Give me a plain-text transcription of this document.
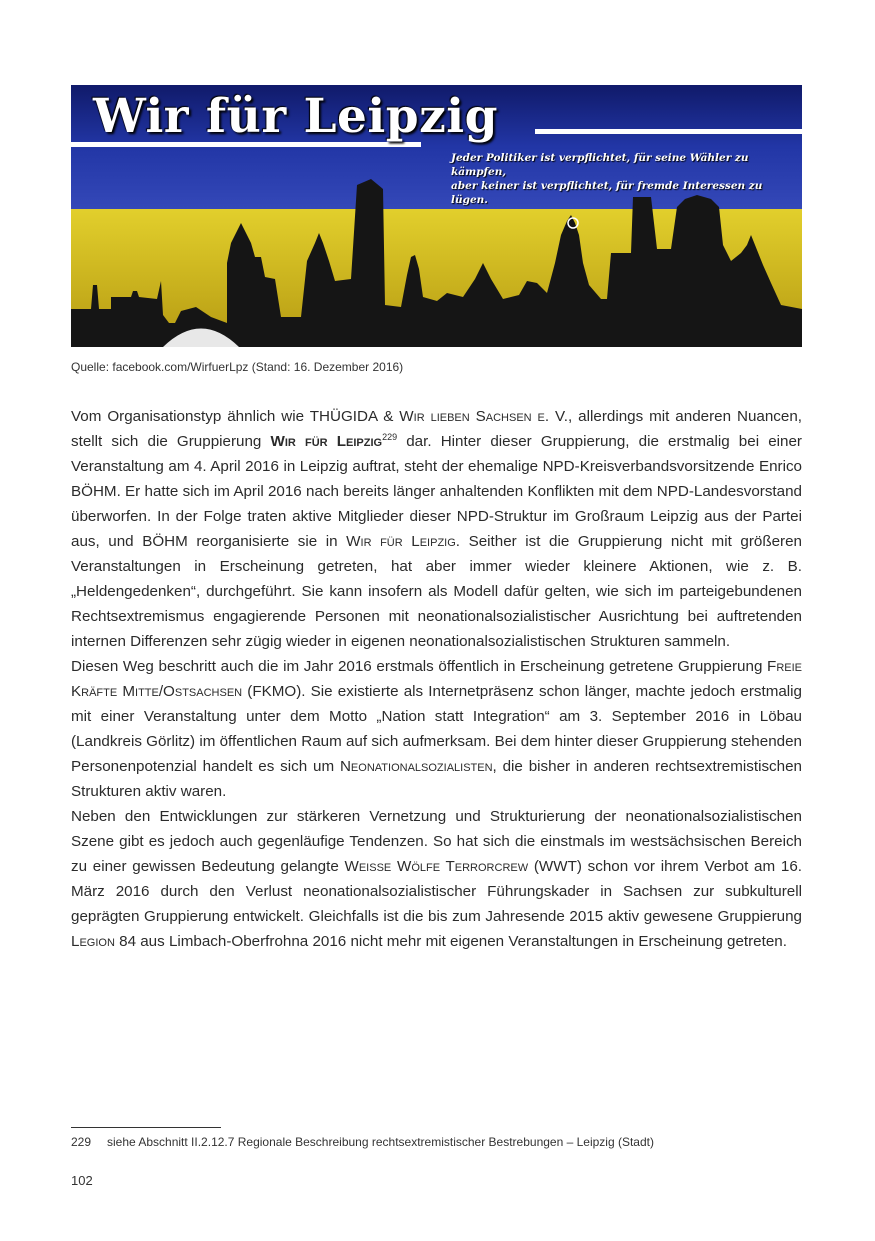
Wir für Leipzig
Jeder Politiker ist verpflichtet, für seine Wähler zu kämpfen,
aber keiner ist verpflichtet, für fremde Interessen zu lügen.
Quelle: facebook.com/WirfuerLpz (Stand: 16. Dezember 2016)

Vom Organisationstyp ähnlich wie THÜGIDA & Wir lieben Sachsen e. V., allerdings mit anderen Nuancen, stellt sich die Gruppierung Wir für Leipzig$^{229}$ dar. Hinter dieser Gruppierung, die erstmalig bei einer Veranstaltung am 4. April 2016 in Leipzig auftrat, steht der ehemalige NPD-Kreisverbandsvorsitzende Enrico BÖHM. Er hatte sich im April 2016 nach bereits länger anhaltenden Konflikten mit dem NPD-Landesvorstand überworfen. In der Folge traten aktive Mitglieder dieser NPD-Struktur im Großraum Leipzig aus der Partei aus, und BÖHM reorganisierte sie in Wir für Leipzig. Seither ist die Gruppierung nicht mit größeren Veranstaltungen in Erscheinung getreten, hat aber immer wieder kleinere Aktionen, wie z. B. „Heldengedenken“, durchgeführt. Sie kann insofern als Modell dafür gelten, wie sich im parteigebundenen Rechtsextremismus engagierende Personen mit neonationalsozialistischer Ausrichtung bei auftretenden internen Differenzen sehr zügig wieder in eigenen neonationalsozialistischen Strukturen sammeln.

Diesen Weg beschritt auch die im Jahr 2016 erstmals öffentlich in Erscheinung getretene Gruppierung Freie Kräfte Mitte/Ostsachsen (FKMO). Sie existierte als Internetpräsenz schon länger, machte jedoch erstmalig mit einer Veranstaltung unter dem Motto „Nation statt Integration“ am 3. September 2016 in Löbau (Landkreis Görlitz) im öffentlichen Raum auf sich aufmerksam. Bei dem hinter dieser Gruppierung stehenden Personenpotenzial handelt es sich um Neonationalsozialisten, die bisher in anderen rechtsextremistischen Strukturen aktiv waren.

Neben den Entwicklungen zur stärkeren Vernetzung und Strukturierung der neonationalsozialistischen Szene gibt es jedoch auch gegenläufige Tendenzen. So hat sich die einstmals im westsächsischen Bereich zu einer gewissen Bedeutung gelangte Weisse Wölfe Terrorcrew (WWT) schon vor ihrem Verbot am 16. März 2016 durch den Verlust neonationalsozialistischer Führungskader in Sachsen zur subkulturell geprägten Gruppierung entwickelt. Gleichfalls ist die bis zum Jahresende 2015 aktiv gewesene Gruppierung Legion 84 aus Limbach-Oberfrohna 2016 nicht mehr mit eigenen Veranstaltungen in Erscheinung getreten.

229 siehe Abschnitt II.2.12.7 Regionale Beschreibung rechtsextremistischer Bestrebungen – Leipzig (Stadt)
102
